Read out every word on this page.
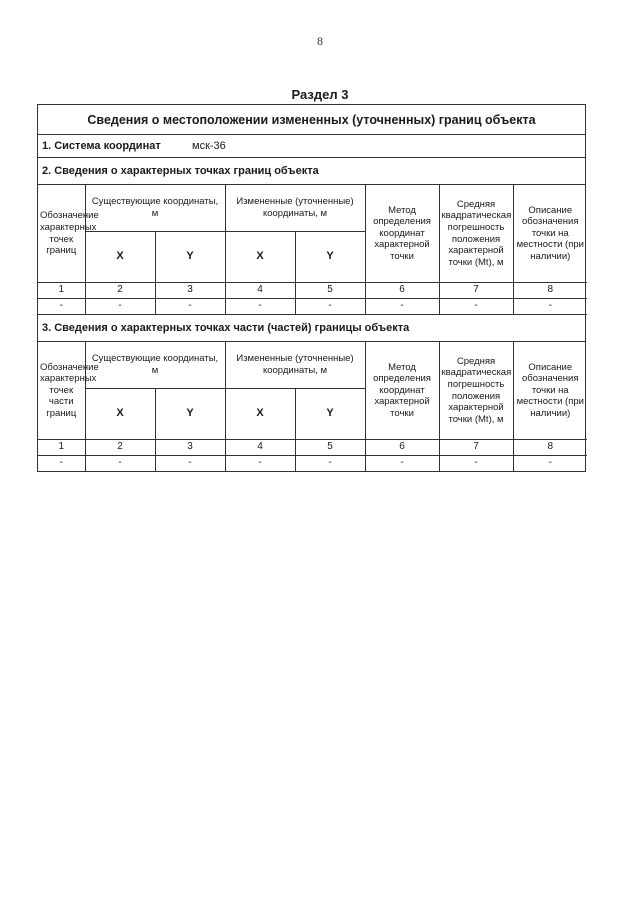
8
Раздел 3
Сведения о местоположении измененных (уточненных) границ объекта
1. Система координат	мск-36
2. Сведения о характерных точках границ объекта
Обозначение характерных точек границ	Существующие координаты, м		Измененные (уточненные) координаты, м		Метод определения координат характерной точки	Средняя квадратическая погрешность положения характерной точки (Mt), м	Описание обозначения точки на местности (при наличии)
	X	Y	X	Y			
1	2	3	4	5	6	7	8
-	-	-	-	-	-	-	-
3. Сведения о характерных точках части (частей) границы объекта
Обозначение характерных точек части границ	Существующие координаты, м		Измененные (уточненные) координаты, м		Метод определения координат характерной точки	Средняя квадратическая погрешность положения характерной точки (Mt), м	Описание обозначения точки на местности (при наличии)
	X	Y	X	Y			
1	2	3	4	5	6	7	8
-	-	-	-	-	-	-	-
